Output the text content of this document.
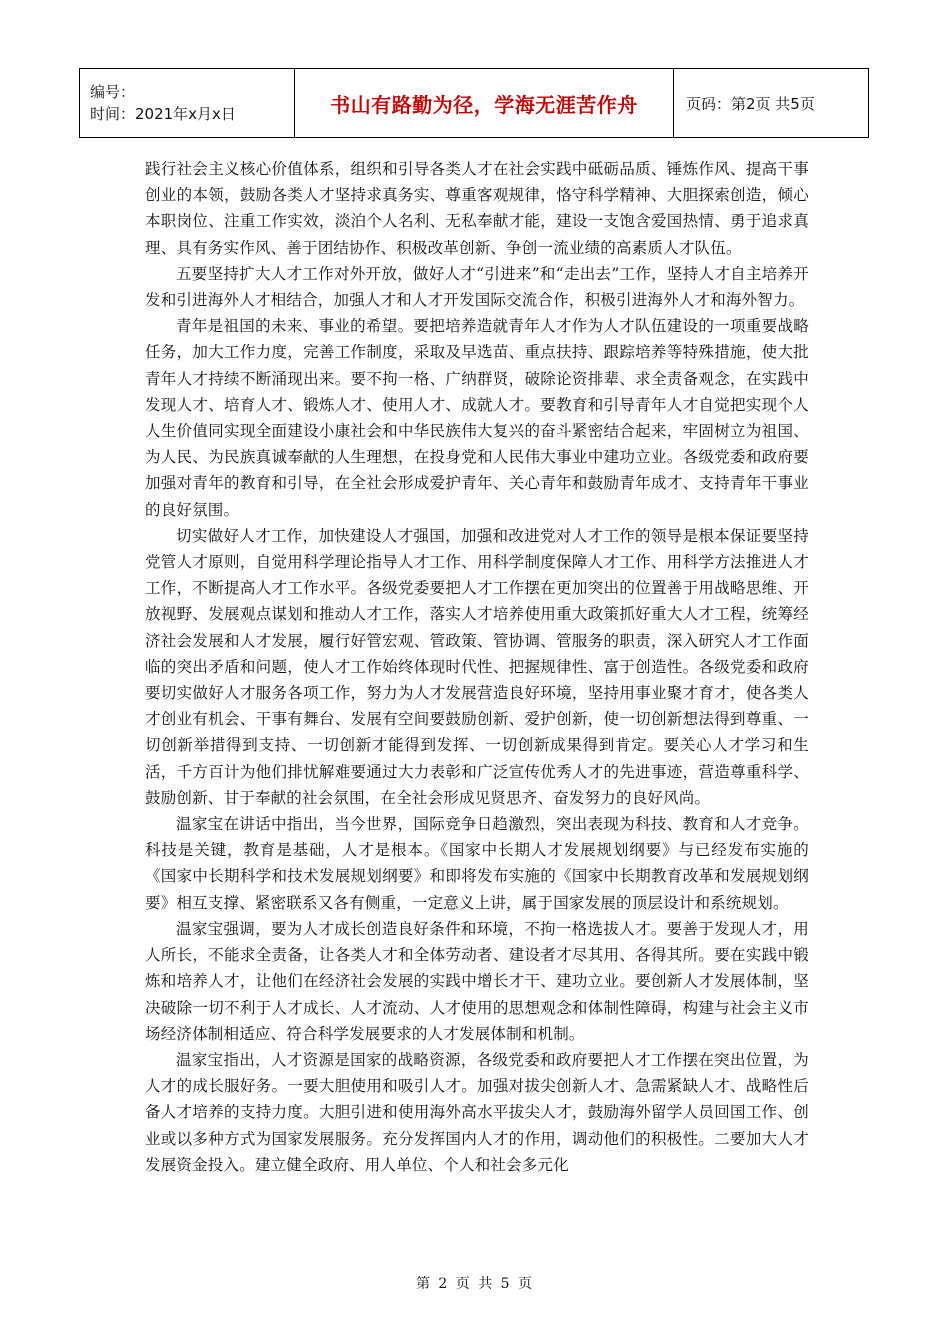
编号：
时间：2021年x月x日	书山有路勤为径，学海无涯苦作舟	页码：第2页 共5页

践行社会主义核心价值体系，组织和引导各类人才在社会实践中砥砺品质、锤炼作风、提高干事创业的本领，鼓励各类人才坚持求真务实、尊重客观规律，恪守科学精神、大胆探索创造，倾心本职岗位、注重工作实效，淡泊个人名利、无私奉献才能，建设一支饱含爱国热情、勇于追求真理、具有务实作风、善于团结协作、积极改革创新、争创一流业绩的高素质人才队伍。

五要坚持扩大人才工作对外开放，做好人才“引进来”和“走出去”工作，坚持人才自主培养开发和引进海外人才相结合，加强人才和人才开发国际交流合作，积极引进海外人才和海外智力。

青年是祖国的未来、事业的希望。要把培养造就青年人才作为人才队伍建设的一项重要战略任务，加大工作力度，完善工作制度，采取及早选苗、重点扶持、跟踪培养等特殊措施，使大批青年人才持续不断涌现出来。要不拘一格、广纳群贤，破除论资排辈、求全责备观念，在实践中发现人才、培育人才、锻炼人才、使用人才、成就人才。要教育和引导青年人才自觉把实现个人人生价值同实现全面建设小康社会和中华民族伟大复兴的奋斗紧密结合起来，牢固树立为祖国、为人民、为民族真诚奉献的人生理想，在投身党和人民伟大事业中建功立业。各级党委和政府要加强对青年的教育和引导，在全社会形成爱护青年、关心青年和鼓励青年成才、支持青年干事业的良好氛围。

切实做好人才工作，加快建设人才强国，加强和改进党对人才工作的领导是根本保证要坚持党管人才原则，自觉用科学理论指导人才工作、用科学制度保障人才工作、用科学方法推进人才工作，不断提高人才工作水平。各级党委要把人才工作摆在更加突出的位置善于用战略思维、开放视野、发展观点谋划和推动人才工作，落实人才培养使用重大政策抓好重大人才工程，统筹经济社会发展和人才发展，履行好管宏观、管政策、管协调、管服务的职责，深入研究人才工作面临的突出矛盾和问题，使人才工作始终体现时代性、把握规律性、富于创造性。各级党委和政府要切实做好人才服务各项工作，努力为人才发展营造良好环境，坚持用事业聚才育才，使各类人才创业有机会、干事有舞台、发展有空间要鼓励创新、爱护创新，使一切创新想法得到尊重、一切创新举措得到支持、一切创新才能得到发挥、一切创新成果得到肯定。要关心人才学习和生活，千方百计为他们排忧解难要通过大力表彰和广泛宣传优秀人才的先进事迹，营造尊重科学、鼓励创新、甘于奉献的社会氛围，在全社会形成见贤思齐、奋发努力的良好风尚。

温家宝在讲话中指出，当今世界，国际竞争日趋激烈，突出表现为科技、教育和人才竞争。科技是关键，教育是基础，人才是根本。《国家中长期人才发展规划纲要》与已经发布实施的《国家中长期科学和技术发展规划纲要》和即将发布实施的《国家中长期教育改革和发展规划纲要》相互支撑、紧密联系又各有侧重，一定意义上讲，属于国家发展的顶层设计和系统规划。

温家宝强调，要为人才成长创造良好条件和环境，不拘一格选拔人才。要善于发现人才，用人所长，不能求全责备，让各类人才和全体劳动者、建设者才尽其用、各得其所。要在实践中锻炼和培养人才，让他们在经济社会发展的实践中增长才干、建功立业。要创新人才发展体制，坚决破除一切不利于人才成长、人才流动、人才使用的思想观念和体制性障碍，构建与社会主义市场经济体制相适应、符合科学发展要求的人才发展体制和机制。

温家宝指出，人才资源是国家的战略资源，各级党委和政府要把人才工作摆在突出位置，为人才的成长服好务。一要大胆使用和吸引人才。加强对拔尖创新人才、急需紧缺人才、战略性后备人才培养的支持力度。大胆引进和使用海外高水平拔尖人才，鼓励海外留学人员回国工作、创业或以多种方式为国家发展服务。充分发挥国内人才的作用，调动他们的积极性。二要加大人才发展资金投入。建立健全政府、用人单位、个人和社会多元化

第 2 页 共 5 页
